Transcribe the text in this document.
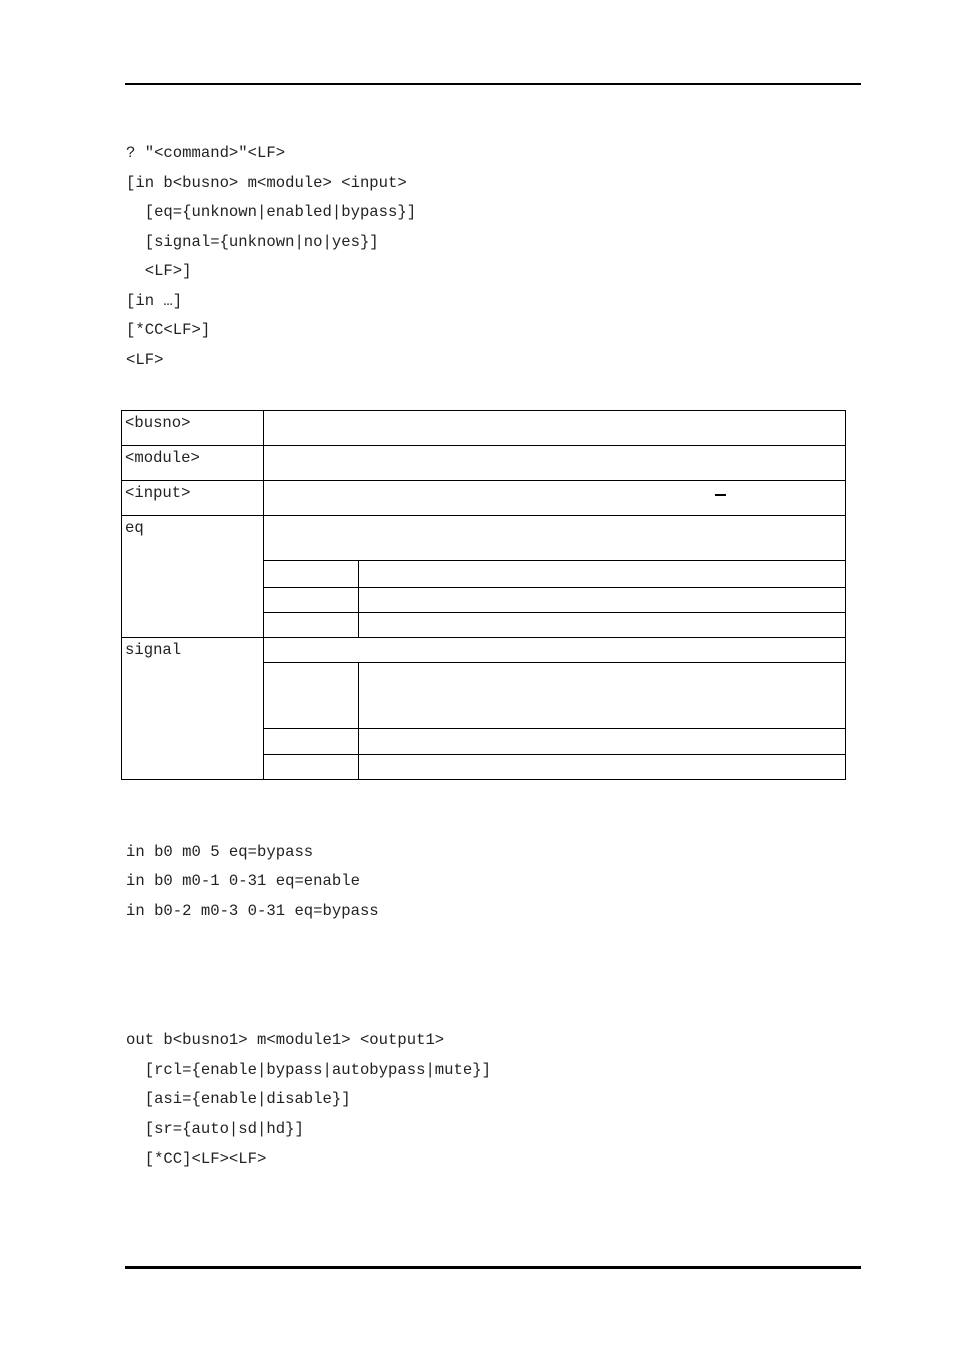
? "<command>"<LF>
[in b<busno> m<module> <input>
[eq={unknown|enabled|bypass}]
[signal={unknown|no|yes}]
<LF>]
[in …]
[*CC<LF>]
<LF>
<busno>		
<module>		
<input>		
eq		

signal		

in b0 m0 5 eq=bypass
in b0 m0-1 0-31 eq=enable
in b0-2 m0-3 0-31 eq=bypass
out b<busno1> m<module1> <output1>
[rcl={enable|bypass|autobypass|mute}]
[asi={enable|disable}]
[sr={auto|sd|hd}]
[*CC]<LF><LF>
